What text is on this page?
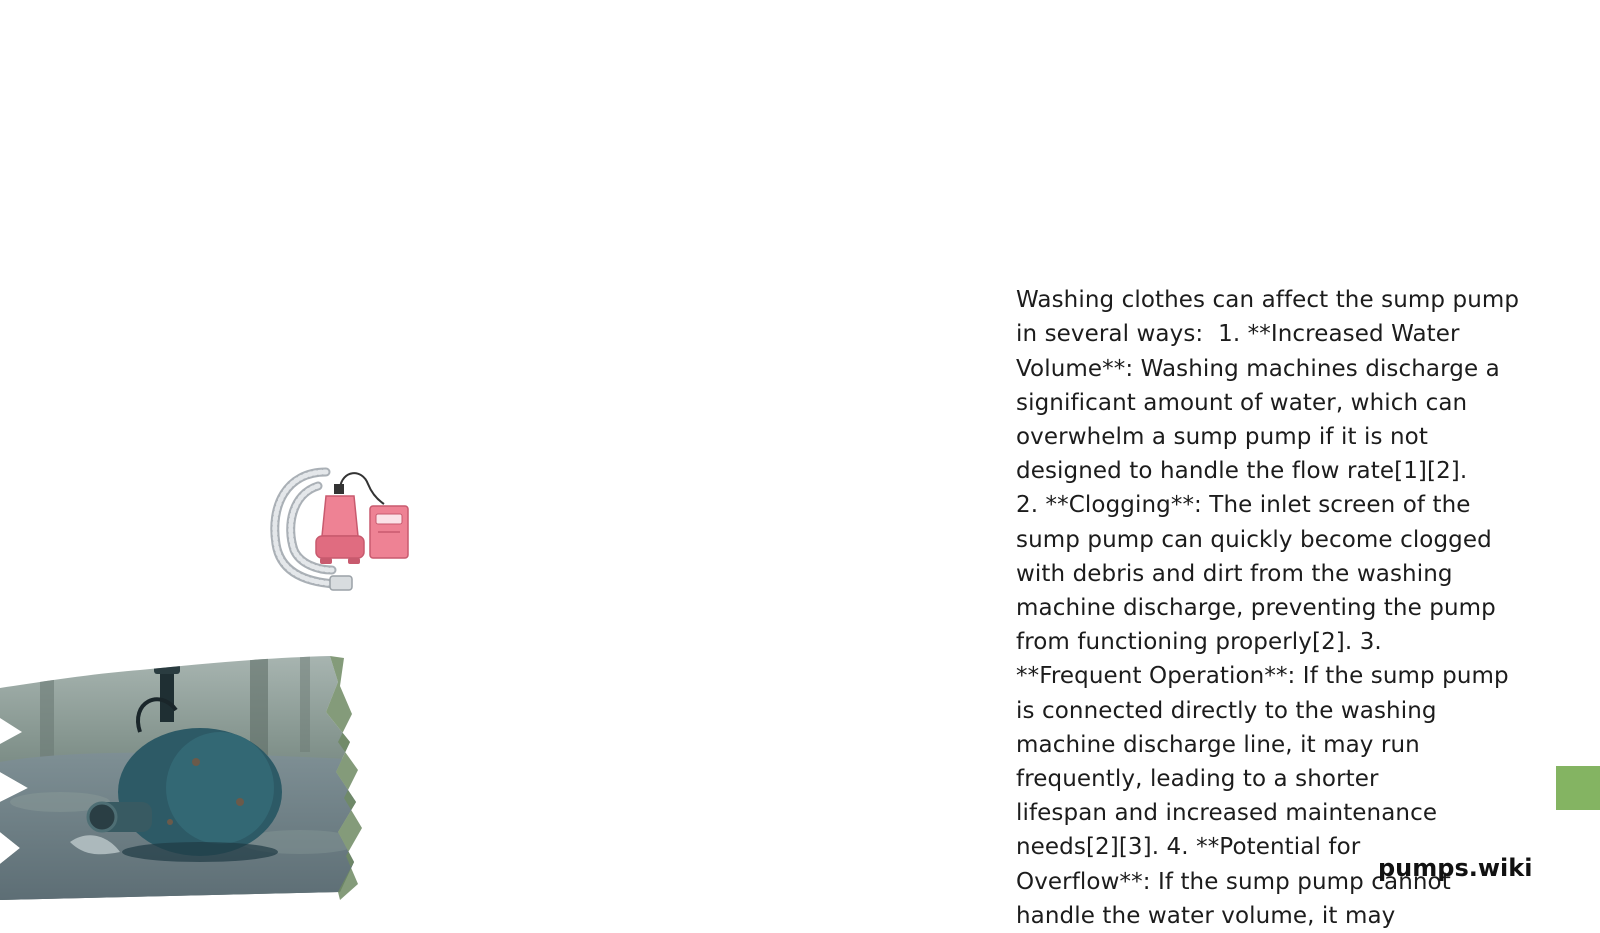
Washing clothes can affect the sump pump
in several ways:  1. **Increased Water
Volume**: Washing machines discharge a
significant amount of water, which can
overwhelm a sump pump if it is not
designed to handle the flow rate[1][2].
2. **Clogging**: The inlet screen of the
sump pump can quickly become clogged
with debris and dirt from the washing
machine discharge, preventing the pump
from functioning properly[2]. 3.
**Frequent Operation**: If the sump pump
is connected directly to the washing
machine discharge line, it may run
frequently, leading to a shorter
lifespan and increased maintenance
needs[2][3]. 4. **Potential for
Overflow**: If the sump pump cannot
handle the water volume, it may

pumps.wiki
